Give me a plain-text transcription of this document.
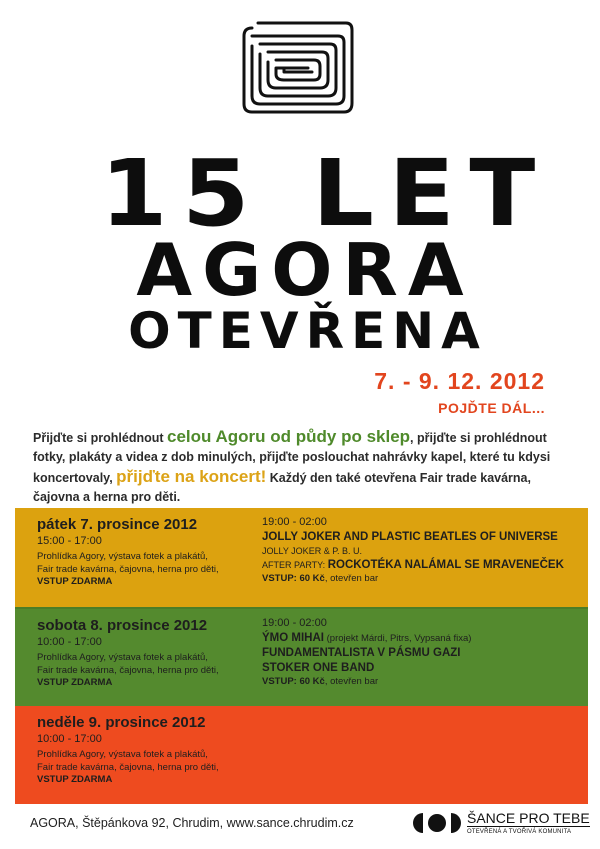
15 LET
AGORA
OTEVŘENA
7. - 9. 12. 2012
POJĎTE DÁL...
Přijďte si prohlédnout celou Agoru od půdy po sklep, přijďte si prohlédnout fotky, plakáty a videa z dob minulých, přijďte poslouchat nahrávky kapel, které tu kdysi koncertovaly, přijďte na koncert! Každý den také otevřena Fair trade kavárna, čajovna a herna pro děti.
pátek 7. prosince 2012
15:00 - 17:00
Prohlídka Agory, výstava fotek a plakátů,
Fair trade kavárna, čajovna, herna pro děti,
VSTUP ZDARMA
19:00 - 02:00
JOLLY JOKER AND PLASTIC BEATLES OF UNIVERSE
JOLLY JOKER & P. B. U.
AFTER PARTY: ROCKOTÉKA NALÁMAL SE MRAVENEČEK
VSTUP: 60 Kč, otevřen bar
sobota 8. prosince 2012
10:00 - 17:00
Prohlídka Agory, výstava fotek a plakátů,
Fair trade kavárna, čajovna, herna pro děti,
VSTUP ZDARMA
19:00 - 02:00
ÝMO MIHAI (projekt Márdi, Pitrs, Vypsaná fixa)
FUNDAMENTALISTA V PÁSMU GAZI
STOKER ONE BAND
VSTUP: 60 Kč, otevřen bar
neděle 9. prosince 2012
10:00 - 17:00
Prohlídka Agory, výstava fotek a plakátů,
Fair trade kavárna, čajovna, herna pro děti,
VSTUP ZDARMA
AGORA, Štěpánkova 92, Chrudim, www.sance.chrudim.cz	ŠANCE PRO TEBE
OTEVŘENÁ A TVOŘIVÁ KOMUNITA
